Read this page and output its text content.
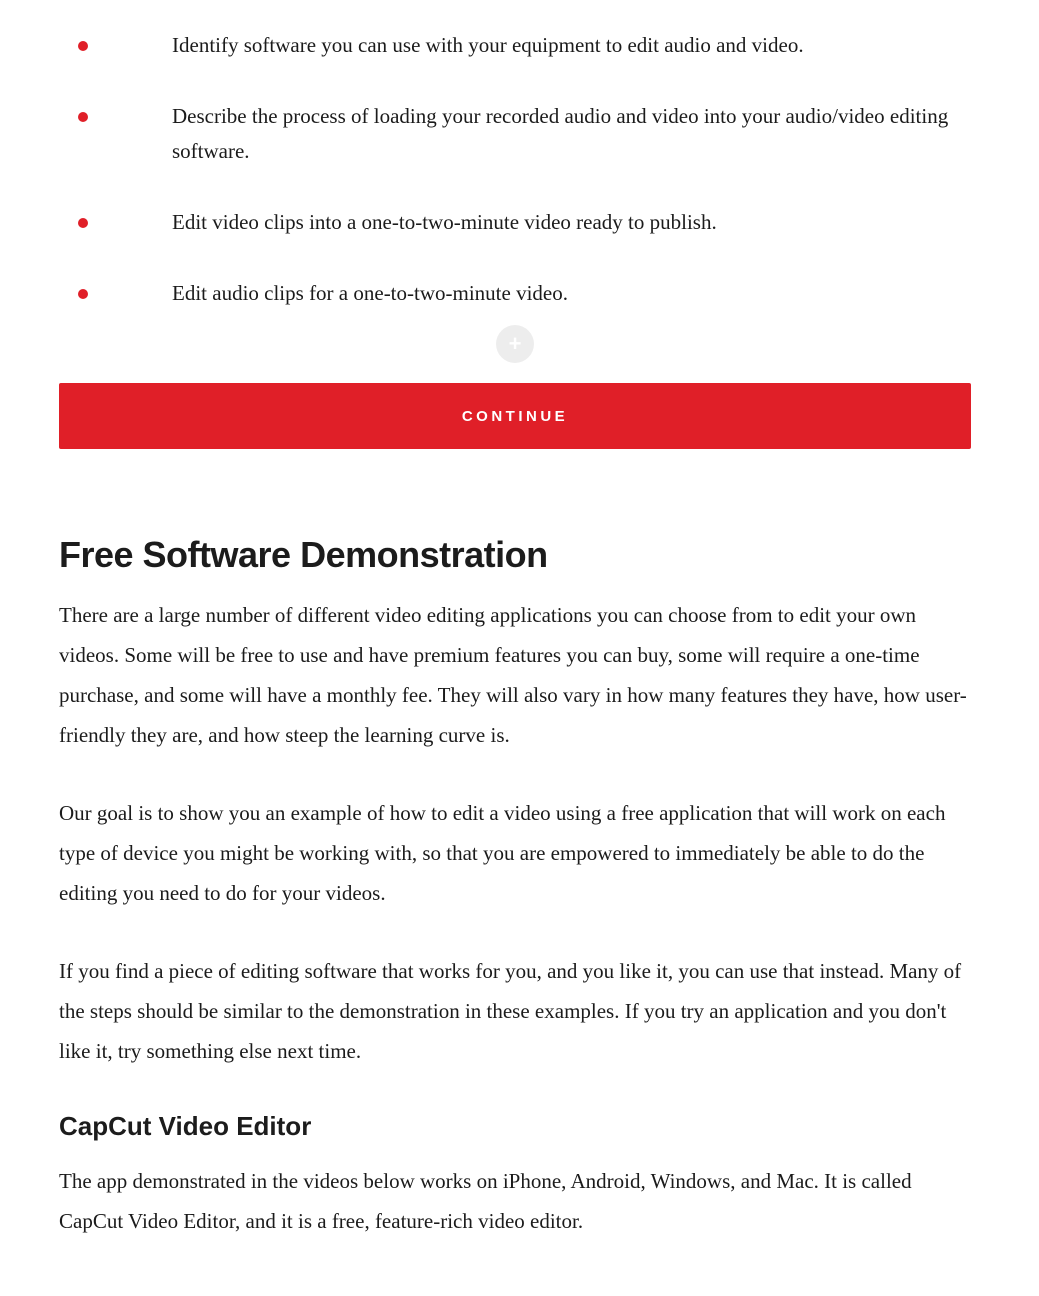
Identify software you can use with your equipment to edit audio and video.
Describe the process of loading your recorded audio and video into your audio/video editing software.
Edit video clips into a one-to-two-minute video ready to publish.
Edit audio clips for a one-to-two-minute video.
+
CONTINUE
Free Software Demonstration

There are a large number of different video editing applications you can choose from to edit your own videos. Some will be free to use and have premium features you can buy, some will require a one-time purchase, and some will have a monthly fee. They will also vary in how many features they have, how user-friendly they are, and how steep the learning curve is.

Our goal is to show you an example of how to edit a video using a free application that will work on each type of device you might be working with, so that you are empowered to immediately be able to do the editing you need to do for your videos.

If you find a piece of editing software that works for you, and you like it, you can use that instead. Many of the steps should be similar to the demonstration in these examples. If you try an application and you don't like it, try something else next time.

CapCut Video Editor

The app demonstrated in the videos below works on iPhone, Android, Windows, and Mac. It is called CapCut Video Editor, and it is a free, feature-rich video editor.
